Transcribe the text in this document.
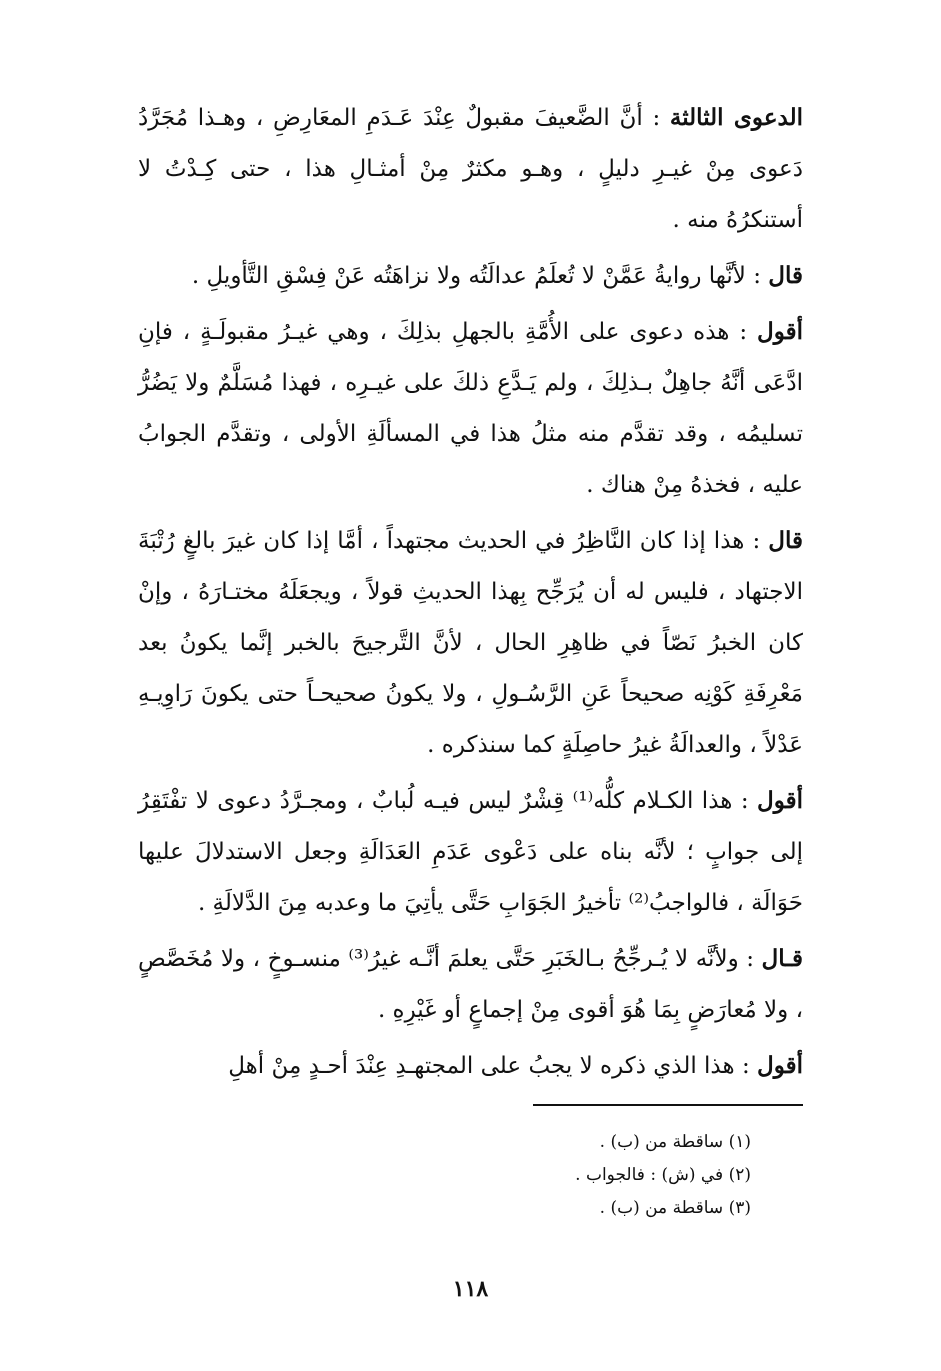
الدعوى الثالثة : أنَّ الضَّعيفَ مقبولٌ عِنْدَ عَـدَمِ المعَارِضِ ، وهـذا مُجَرَّدُ دَعوى مِنْ غيـرِ دليلٍ ، وهـو مكثرٌ مِنْ أمثـالِ هذا ، حتى كِـدْتُ لا أستنكرُهُ منه .

قال : لأنَّها روايةُ عَمَّنْ لا تُعلَمُ عدالَتُه ولا نزاهَتُه عَنْ فِسْقِ التَّأويلِ .

أقول : هذه دعوى على الأُمَّةِ بالجهلِ بذلِكَ ، وهي غيـرُ مقبولَـةٍ ، فإنِ ادَّعَى أنَّهُ جاهِلٌ بـذلِكَ ، ولم يَـدَّعِ ذلكَ على غيـرِه ، فهذا مُسَلَّمٌ ولا يَضُرُّ تسليمُه ، وقد تقدَّم منه مثلُ هذا في المسألَةِ الأولى ، وتقدَّم الجوابُ عليه ، فخذهُ مِنْ هناك .

قال : هذا إذا كان النَّاظِرُ في الحديث مجتهداً ، أمَّا إذا كان غيرَ بالغٍ رُتْبَةَ الاجتهاد ، فليس له أن يُرَجِّح بِهذا الحديثِ قولاً ، ويجعَلَهُ مختـارَهُ ، وإنْ كان الخبرُ نَصّاً في ظاهِرِ الحال ، لأنَّ التَّرجيحَ بالخبر إنَّما يكونُ بعد مَعْرِفَةِ كَوْنِه صحيحاً عَنِ الرَّسُـولِ ، ولا يكونُ صحيحـاً حتى يكونَ رَاوِيـهِ عَدْلاً ، والعدالَةُ غيرُ حاصِلَةٍ كما سنذكره .

أقول : هذا الكـلام كلُّه⁽¹⁾ قِشْرٌ ليس فيـه لُبابٌ ، ومجـرَّدُ دعوى لا تفْتَقِرُ إلى جوابٍ ؛ لأنَّه بناه على دَعْوى عَدَمِ العَدَالَةِ وجعل الاستدلالَ عليها حَوَالَة ، فالواجبُ⁽²⁾ تأخيرُ الجَوَابِ حَتَّى يأتِيَ ما وعدبه مِنَ الدَّلالَةِ .

قـال : ولأنَّه لا يُـرجِّحُ بـالخَبَرِ حَتَّى يعلمَ أنَّـه غيرُ⁽³⁾ منسـوخٍ ، ولا مُخَصَّصٍ ، ولا مُعارَضٍ بِمَا هُوَ أقوى مِنْ إجماعٍ أو غَيْرِهِ .

أقول : هذا الذي ذكره لا يجبُ على المجتهـدِ عِنْدَ أحـدٍ مِنْ أهلِ

(١) ساقطة من (ب) .
(٢) في (ش) : فالجواب .
(٣) ساقطة من (ب) .
١١٨
